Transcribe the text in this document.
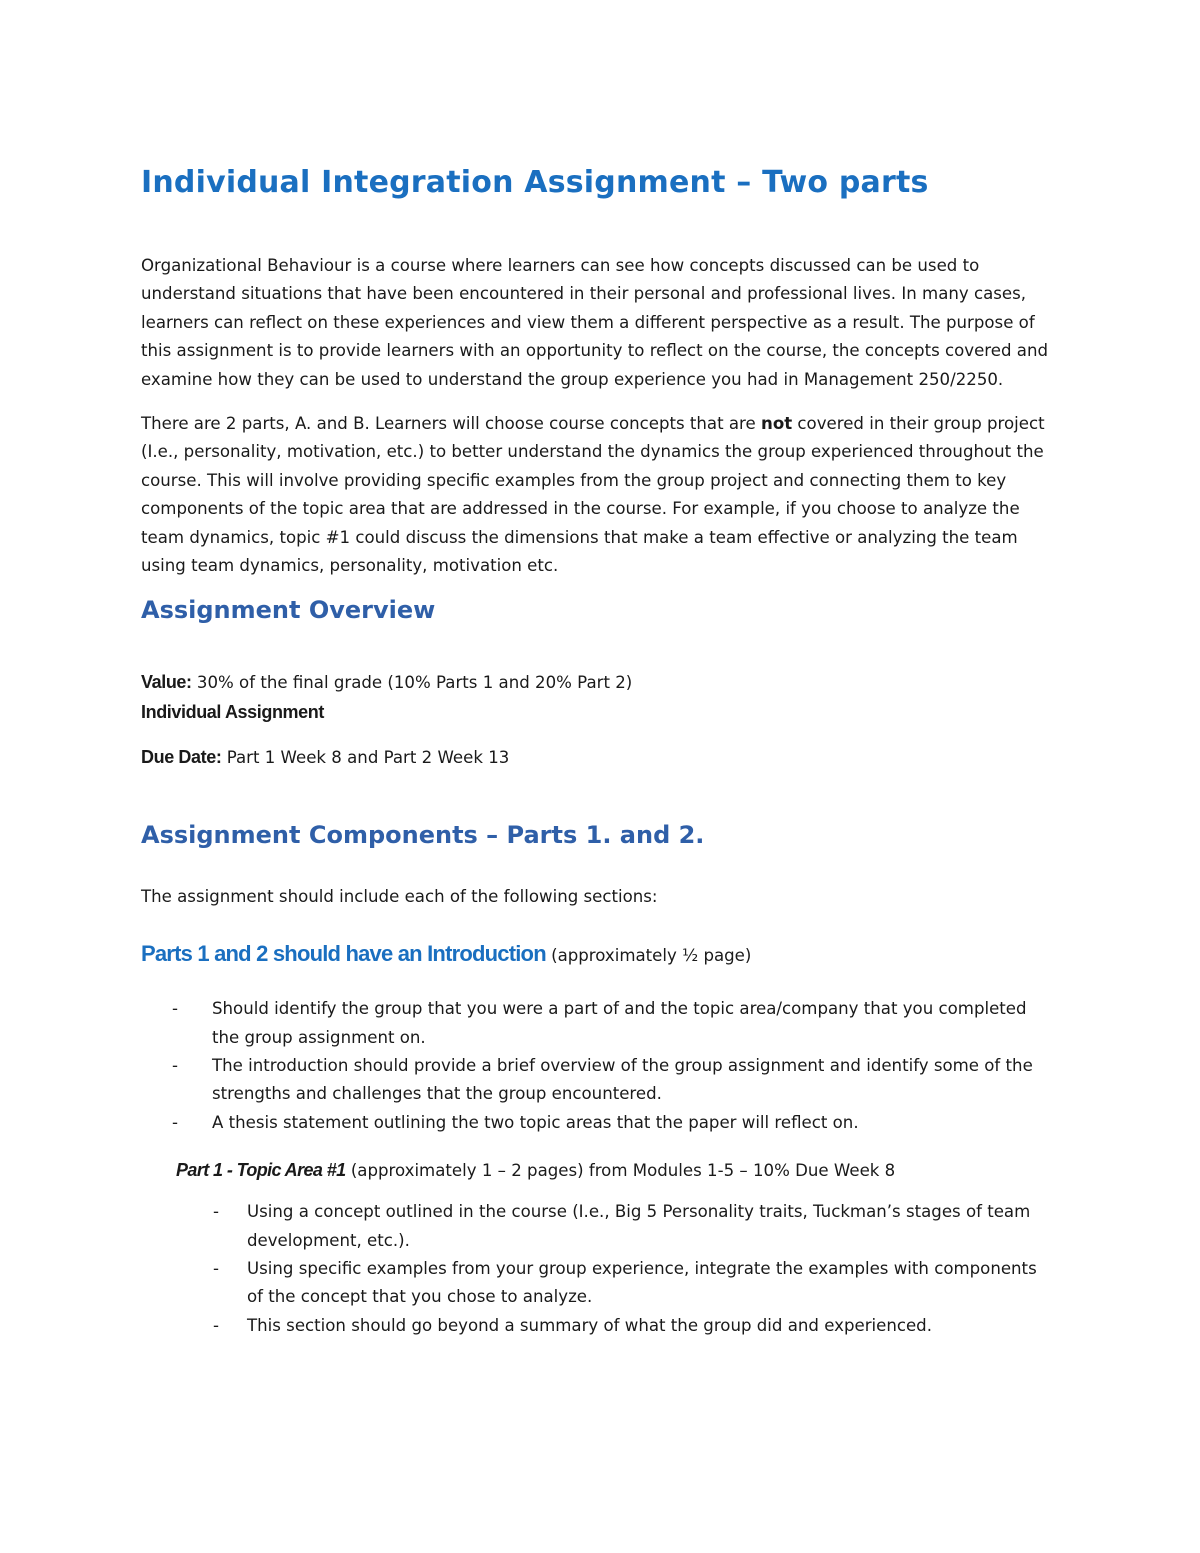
Individual Integration Assignment – Two parts

Organizational Behaviour is a course where learners can see how concepts discussed can be used to understand situations that have been encountered in their personal and professional lives. In many cases, learners can reflect on these experiences and view them a different perspective as a result. The purpose of this assignment is to provide learners with an opportunity to reflect on the course, the concepts covered and examine how they can be used to understand the group experience you had in Management 250/2250.

There are 2 parts, A. and B. Learners will choose course concepts that are not covered in their group project (I.e., personality, motivation, etc.) to better understand the dynamics the group experienced throughout the course. This will involve providing specific examples from the group project and connecting them to key components of the topic area that are addressed in the course. For example, if you choose to analyze the team dynamics, topic #1 could discuss the dimensions that make a team effective or analyzing the team using team dynamics, personality, motivation etc.

Assignment Overview

Value: 30% of the final grade (10% Parts 1 and 20% Part 2)

Individual Assignment

Due Date: Part 1 Week 8 and Part 2 Week 13

Assignment Components – Parts 1. and 2.

The assignment should include each of the following sections:

Parts 1 and 2 should have an Introduction (approximately ½ page)

- Should identify the group that you were a part of and the topic area/company that you completed the group assignment on.
- The introduction should provide a brief overview of the group assignment and identify some of the strengths and challenges that the group encountered.
- A thesis statement outlining the two topic areas that the paper will reflect on.

Part 1 - Topic Area #1 (approximately 1 – 2 pages) from Modules 1-5 – 10% Due Week 8

- Using a concept outlined in the course (I.e., Big 5 Personality traits, Tuckman’s stages of team development, etc.).
- Using specific examples from your group experience, integrate the examples with components of the concept that you chose to analyze.
- This section should go beyond a summary of what the group did and experienced.
